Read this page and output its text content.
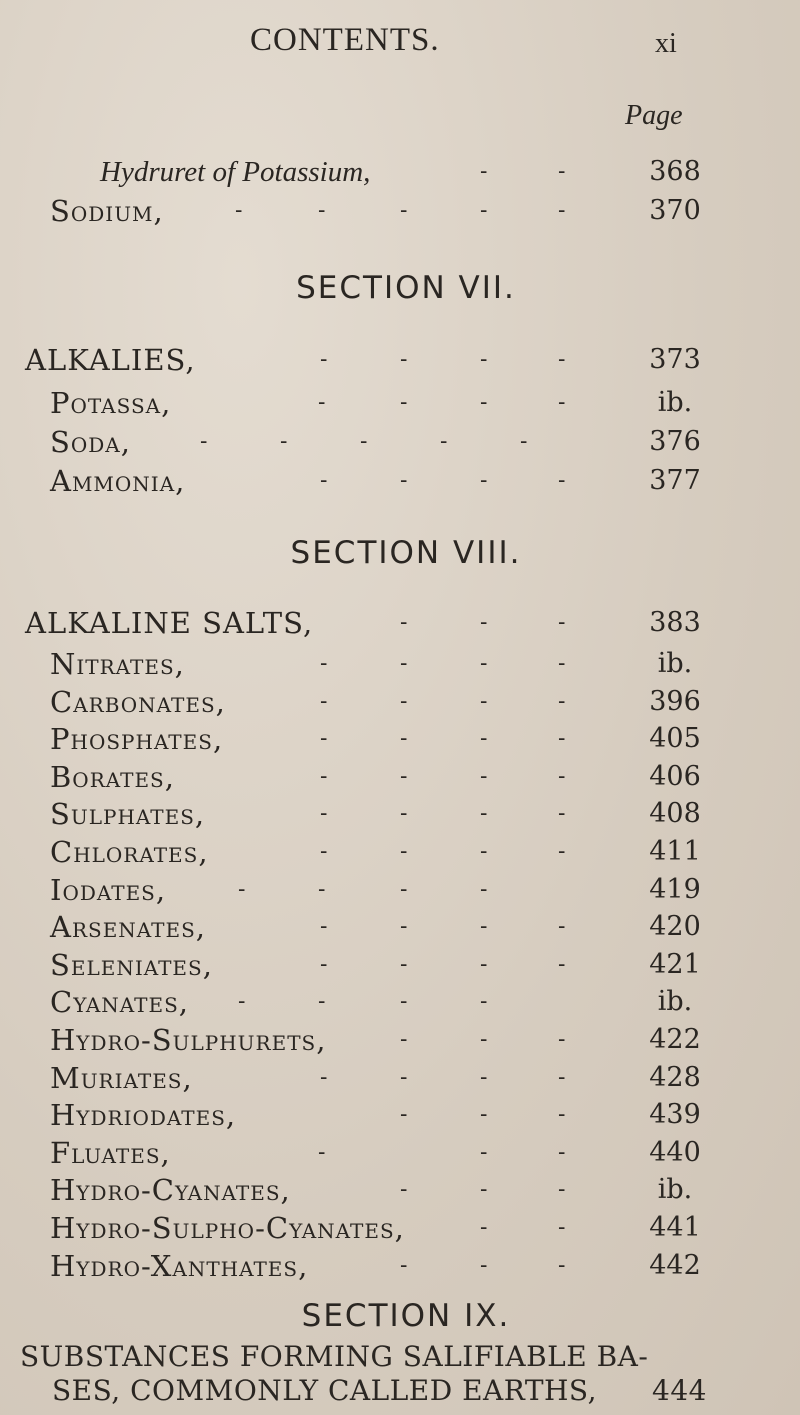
CONTENTS.	xi
Page
Hydruret of Potassium,	-	-	368
Sodium,	-	-	-	-	-	370
SECTION VII.
ALKALIES,	-	-	-	-	373
Potassa,	-	-	-	-	ib.
Soda,	-	-	-	-	-	376
Ammonia,	-	-	-	-	377
SECTION VIII.
ALKALINE SALTS,	-	-	-	383
Nitrates,	-	-	-	-	ib.
Carbonates,	-	-	-	-	396
Phosphates,	-	-	-	-	405
Borates,	-	-	-	-	406
Sulphates,	-	-	-	-	408
Chlorates,	-	-	-	-	411
Iodates,	-	-	-	-	419
Arsenates,	-	-	-	-	420
Seleniates,	-	-	-	-	421
Cyanates, -	-	-	-	ib.
Hydro-Sulphurets,	-	-	-	422
Muriates,	-	-	-	-	428
Hydriodates,	-	-	-	439
Fluates,	-	-	-	440
Hydro-Cyanates,	-	-	-	ib.
Hydro-Sulpho-Cyanates,	-	-	441
Hydro-Xanthates,	-	-	-	442
SECTION IX.
SUBSTANCES FORMING SALIFIABLE BA-
SES, COMMONLY CALLED EARTHS, 444
